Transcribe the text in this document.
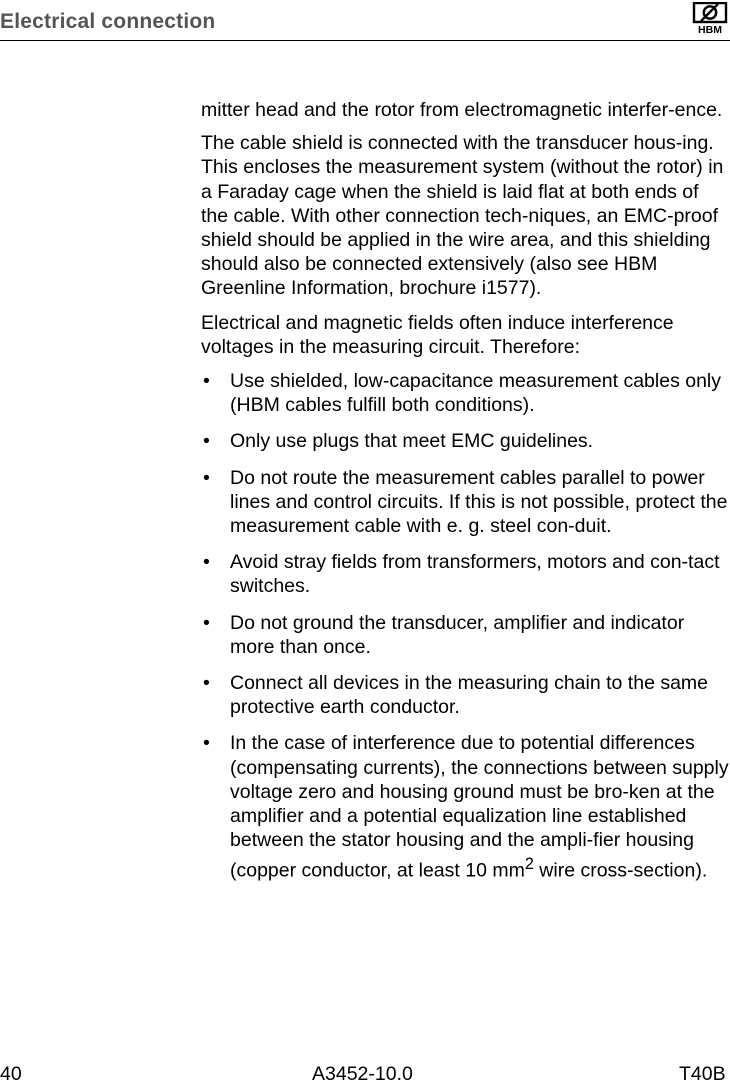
Electrical connection	HBM

mitter head and the rotor from electromagnetic interfer-ence.

The cable shield is connected with the transducer hous-ing. This encloses the measurement system (without the rotor) in a Faraday cage when the shield is laid flat at both ends of the cable. With other connection tech-niques, an EMC-proof shield should be applied in the wire area, and this shielding should also be connected extensively (also see HBM Greenline Information, brochure i1577).

Electrical and magnetic fields often induce interference voltages in the measuring circuit. Therefore:

• Use shielded, low-capacitance measurement cables only (HBM cables fulfill both conditions).
• Only use plugs that meet EMC guidelines.
• Do not route the measurement cables parallel to power lines and control circuits. If this is not possible, protect the measurement cable with e. g. steel con-duit.
• Avoid stray fields from transformers, motors and con-tact switches.
• Do not ground the transducer, amplifier and indicator more than once.
• Connect all devices in the measuring chain to the same protective earth conductor.
• In the case of interference due to potential differences (compensating currents), the connections between supply voltage zero and housing ground must be bro-ken at the amplifier and a potential equalization line established between the stator housing and the ampli-fier housing (copper conductor, at least 10 $mm^2$ wire cross-section).
40	A3452-10.0	T40B
